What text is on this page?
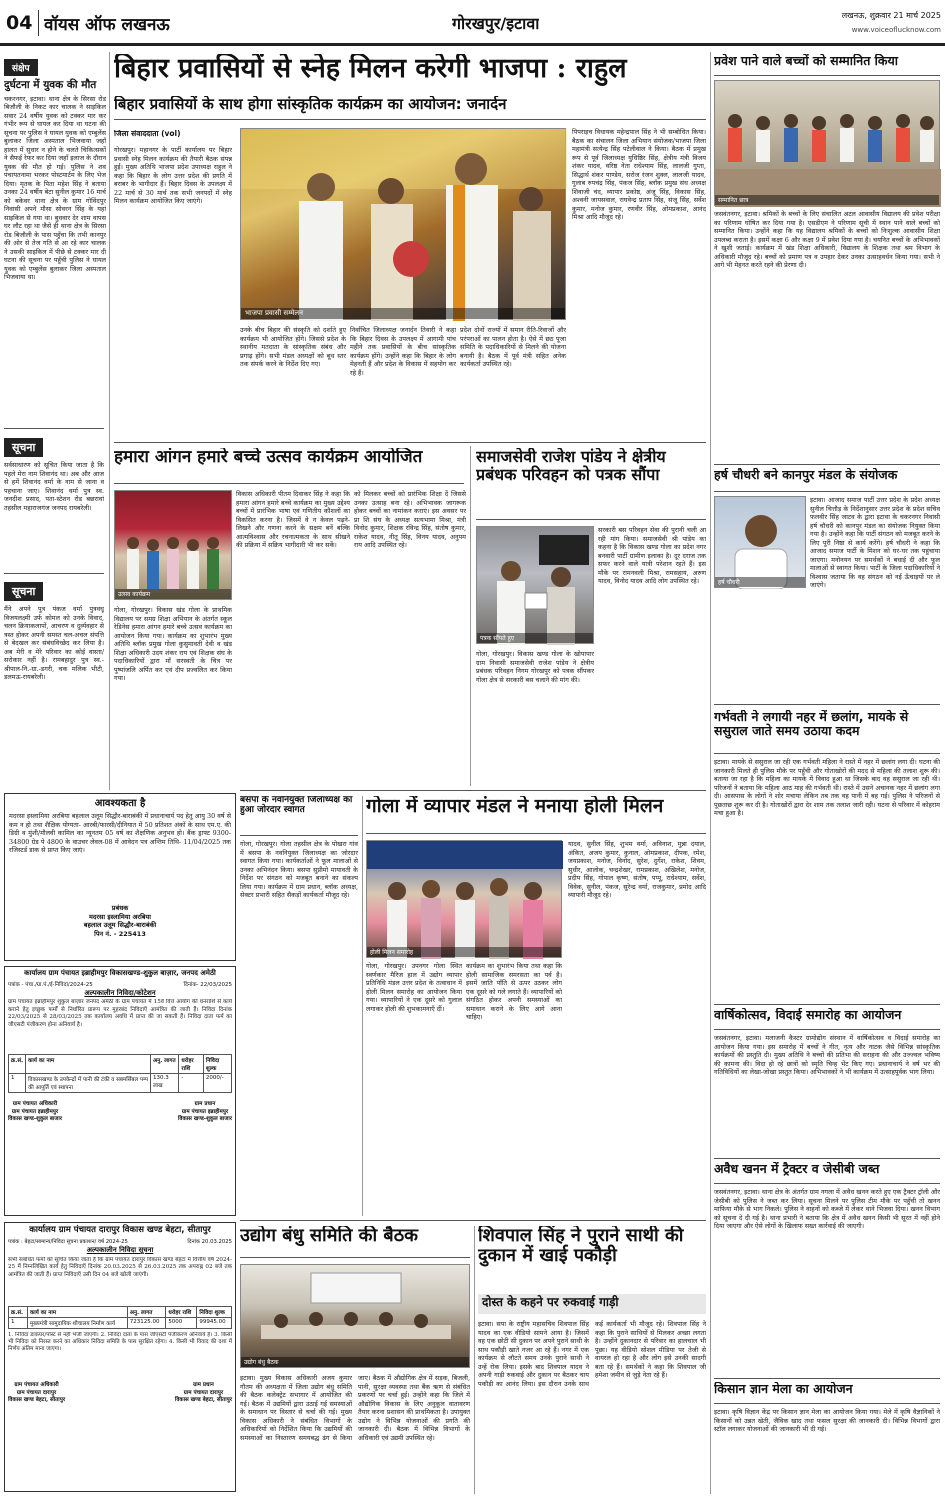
04 वॉयस ऑफ लखनऊ	गोरखपुर/इटावा	लखनऊ, शुक्रवार 21 मार्च 2025
www.voiceoflucknow.com
संक्षेप
दुर्घटना में युवक की मौत
चकरनगर, इटावा। थाना क्षेत्र के सिरसा रोड बिजौली के निकट कार चालक ने साइकिल सवार 24 वर्षीय युवक को टक्कर मार कर गंभीर रूप से घायल कर दिया था घटना की सूचना पर पुलिस ने घायल युवक को एम्बुलेंस बुलाकर जिला अस्पताल भिजवाया जहाँ हालत में सुधार न होने के चलते चिकित्सकों ने सैफई रेफर कर दिया जहाँ इलाज के दौरान युवक की मौत हो गई। पुलिस ने शव पंचायतनामा भरकर पोस्टमार्टम के लिए भेज दिया। मृतक के पिता महेश सिंह ने बताया उनका 24 वर्षीय बेटा सुनील कुमार 16 मार्च को बकेवर थाना क्षेत्र के ग्राम गोविंदपुर निवासी अपने मौसा सोवरन सिंह के यहां साइकिल से गया था। बुधवार देर शाम वापस घर लौट रहा था जैसे ही थाना क्षेत्र के सिरसा रोड बिजौली के पास पहुँचा कि तभी कानपुर की ओर से तेज गति से आ रहे कार चालक ने उसकी साइकिल में पीछे से टक्कर मार दी घटना की सूचना पर पहुँची पुलिस ने घायल युवक को एम्बुलेंस बुलाकर जिला अस्पताल भिजवाया था।
सूचना
सर्वसाधारण को सूचित किया जाता है कि पहले मेरा नाम शिवानंद था। अब और आज से हमें शिवानंद वर्मा के नाम से जाना व पहचाना जाए। शिवानंद वर्मा पुत्र स्व. जनदीश प्रसाद, पता-स्टेशन रोड बछरावां तहसील महाराजगंज जनपद रायबरेली।
सूचना
मैंने अपने पुत्र पंकज वर्मा पुत्रवधू विजयलक्ष्मी उर्फ कोमल को उनके विवाद, चलन क्रियाकलापों, आचरण व दुर्व्यवहार से त्रस्त होकर अपनी समस्त चल-अचल संपत्ति से बेदखल कर संबंधविच्छेद कर लिया है। अब मेरी व मेरे परिवार का कोई वास्ता/सरोकार नहीं है। रामबहादुर पुत्र स्व.-श्रीपाल-नि.-ग्रा.-डगरी, चक मलिक भीटी, डलमऊ-रायबरेली।
आवश्यकता है
मदरसा इस्लामिया अरबिया बहलाल उलूम सिद्धौर-बाराबंकी में प्रधानाचार्य पद हेतु आयु 30 वर्ष से कम न हो तथा शैक्षिक योग्यता- आरबी/फारसी/दीनियात में 50 प्रतिशत अंकों के साथ एम.ए. की डिग्री व मुंशी/मौलवी कामिल का न्यूनतम 05 वर्ष का शैक्षणिक अनुभव हो। बैंक ड्राफ्ट 9300-34800 ग्रेड पे 4800 के वाउचर लेवल-08 में आवेदन पत्र अन्तिम तिथि- 11/04/2025 तक रजिस्टर्ड डाक से प्राप्त किए जाएं।
प्रबंधक
मदरसा इस्लामिया अरबिया
बहलाल उलूम सिद्धौर-बाराबंकी
पिन नं. - 225413
कार्यालय ग्राम पंचायत इब्राहीमपुर विकासखण्ड-शुकुल बाज़ार, जनपद अमेठी
पत्रांक - पंचा./ग्रा.पं./ई-निविदा/2024-25	दिनांक- 22/03/2025
अल्पकालीन निविदा/कोटेशन
ग्राम पंचायत इब्राहीमपुर शुकुल बाज़ार जनपद अमेठी के ग्राम पंचायत में 15वें वित्त आयोग की धनराशि से कार्य कराने हेतु इच्छुक फर्मों से निर्धारित प्रारूप पर मुहरबंद निविदाएँ आमंत्रित की जाती हैं। निविदा दिनांक 22/03/2025 से 28/03/2025 तक कार्यालय अवधि में प्राप्त की जा सकती हैं। निविदा दाता फर्म का जीएसटी पंजीकरण होना अनिवार्य है।
क्र.सं.	कार्य का नाम	अनु. लागत	धरोहर राशि	निविदा शुल्क
1	विकासखण्ड के उपकेन्द्रों में पानी की टंकी व सबमर्सिबल पम्प की आपूर्ति एवं स्थापना	130.3 लाख	-	2000/-
ग्राम पंचायत अधिकारी
ग्राम पंचायत इब्राहीमपुर
विकास खण्ड-शुकुल बाजार
ग्राम प्रधान
ग्राम पंचायत इब्राहीमपुर
विकास खण्ड-शुकुल बाजार
कार्यालय ग्राम पंचायत दारापुर विकास खण्ड बेहटा, सीतापुर
पत्रांक : बेहटा/सामान्य/निविदा सूचना प्रकाशन/ वर्ष 2024-25	दिनांक 20.03.2025
अल्पकालीन निविदा सूचना
सभी संबंधित फर्मों को सूचित किया जाता है कि ग्राम पंचायत दारापुर विकास खण्ड बेहटा में वित्तीय वर्ष 2024-25 में निम्नलिखित कार्य हेतु निविदाएँ दिनांक 20.03.2025 से 26.03.2025 तक अपराह्न 02 बजे तक आमंत्रित की जाती हैं। प्राप्त निविदाएँ उसी दिन 04 बजे खोली जाएंगी।
क्र.सं.	कार्य का नाम	अनु. लागत	धरोहर राशि	निविदा शुल्क
1	मुख्यमंत्री सामुदायिक शौचालय निर्माण कार्य	723125.00	5000	99945.00
1. निविदा डाकघर/पोस्ट से नहीं भेजी जाएगी। 2. निविदा दाता के पास जीएसटी पंजीकरण अनिवार्य है। 3. किसी भी निविदा को निरस्त करने का अधिकार निविदा समिति के पास सुरक्षित रहेगा। 4. किसी भी विवाद की दशा में निर्णय अंतिम माना जाएगा।
ग्राम पंचायत अधिकारी
ग्राम पंचायत दारापुर
विकास खण्ड बेहटा, सीतापुर
ग्राम प्रधान
ग्राम पंचायत दारापुर
विकास खण्ड बेहटा, सीतापुर
बिहार प्रवासियों से स्नेह मिलन करेगी भाजपा : राहुल
बिहार प्रवासियों के साथ होगा सांस्कृतिक कार्यक्रम का आयोजन: जनार्दन
जिला संवाददाता (vol)
गोरखपुर। महानगर के पार्टी कार्यालय पर बिहार प्रवासी स्नेह मिलन कार्यक्रम की तैयारी बैठक संपन्न हुई। मुख्य अतिथि भाजपा प्रदेश उपाध्यक्ष राहुल ने कहा कि बिहार के लोग उत्तर प्रदेश की प्रगति में बराबर के भागीदार हैं। बिहार दिवस के उपलक्ष्य में 22 मार्च से 30 मार्च तक सभी जनपदों में स्नेह मिलन कार्यक्रम आयोजित किए जाएंगे।
भाजपा प्रवासी सम्मेलन
उनके बीच बिहार की संस्कृति को दर्शाते हुए कार्यक्रम भी आयोजित होंगे। जिससे प्रदेश के स्थानीय मतदाता के सांस्कृतिक संबंध और प्रगाढ़ होंगे। सभी मंडल अध्यक्षों को बूथ स्तर तक संपर्क करने के निर्देश दिए गए।
निर्वाचित जिलाध्यक्ष जनार्दन तिवारी ने कहा कि बिहार दिवस के उपलक्ष्य में आगामी पांच महीने तक प्रवासियों के बीच सांस्कृतिक कार्यक्रम होंगे। उन्होंने कहा कि बिहार के लोग मेहनती हैं और प्रदेश के विकास में सहयोग कर रहे हैं।
प्रदेश दोनों राज्यों में समान रीति-रिवाजों और परंपराओं का पालन होता है। ऐसे में छठ पूजा समिति के पदाधिकारियों से मिलने की योजना बनायी है। बैठक में पूर्व मंत्री सहित अनेक कार्यकर्ता उपस्थित रहे।
पिपराइच विधायक महेन्द्रपाल सिंह ने भी सम्बोधित किया। बैठक का संचालन जिला अभियान संयोजक/भाजपा जिला महामंत्री सत्येन्द्र सिंह पटेलीवाल ने किया। बैठक में प्रमुख रूप से पूर्व जिलाध्यक्ष युधिष्ठिर सिंह, क्षेत्रीय मंत्री विजय शंकर यादव, वरिष्ठ नेता राधेश्याम सिंह, लालजी गुप्ता, सिद्धार्थ शंकर पाण्डेय, सरोज रंजन शुक्ल, लालजी यादव, गुलाब रुपचंद्र सिंह, पंकज सिंह, ब्लॉक प्रमुख संध अध्यक्ष शिवाजी चंद, व्यापार प्रकोष्ठ, अंजू सिंह, विकास सिंह, अश्वनी जायसवाल, राघवेन्द्र प्रताप सिंह, संजू सिंह, सर्वेश कुमार, मनोज कुमार, रणवीर सिंह, ओमप्रकाश, आनंद मिश्रा आदि मौजूद रहे।
हमारा आंगन हमारे बच्चे उत्सव कार्यक्रम आयोजित
उत्सव कार्यक्रम
गोला, गोरखपुर। विकास खंड गोला के प्राथमिक विद्यालय पर समग्र शिक्षा अभियान के अंतर्गत स्कूल रेडिनेस हमारा आंगन हमारे बच्चे उत्सव कार्यक्रम का आयोजन किया गया। कार्यक्रम का शुभारंभ मुख्य अतिथि ब्लॉक प्रमुख गोला कुसुमावती देवी व खंड शिक्षा अधिकारी उदय शंकर राय एवं शिक्षक संघ के पदाधिकारियों द्वारा माँ सरस्वती के चित्र पर पुष्पांजलि अर्पित कर एवं दीप प्रज्वलित कर किया गया।
विकास अधिकारी पीतम दिवाकर सिंह ने कहा कि हमारा आंगन हमारे बच्चे कार्यक्रम का मुख्य उद्देश्य बच्चों में प्रारंभिक भाषा एवं गणितीय कौशलों का विकसित करना है। जिसमें वे न केवल पढ़ने-लिखने और गणना करने के सक्षम बनें बल्कि आत्मविश्वास और रचनात्मकता के साथ सीखने की प्रक्रिया में सक्रिय भागीदारी भी कर सकें।
को मिलकर बच्चों को प्रारंभिक शिक्षा दें जिससे उनका उत्साह बना रहे। अभिभावक जागरूक होकर बच्चों का नामांकन कराएं। इस अवसर पर प्रा शि संघ के अध्यक्ष सत्यभामा मिश्रा, मंत्री विनोद कुमार, शिक्षक रविन्द्र सिंह, संतोष कुमार, राकेश यादव, नीतू सिंह, विनय यादव, अनुपम राय आदि उपस्थित रहे।
समाजसेवी राजेश पांडेय ने क्षेत्रीय प्रबंधक परिवहन को पत्रक सौंपा
पत्रक सौंपते हुए
गोला, गोरखपुर। विकास खण्ड गोला के खोपापार ग्राम निवासी समाजसेवी राजेश पांडेय ने क्षेत्रीय प्रबंधक परिवहन निगम गोरखपुर को पत्रक सौंपकर गोला क्षेत्र से सरकारी बस चलाने की मांग की।
सरकारी बस परिवहन सेवा की पुरानी चली आ रही मांग किया। समाजसेवी श्री पांडेय का कहना है कि विकास खण्ड गोला का प्रदेश नगर बनवारी पार्टी ग्रामीण इलाका है। दूर दराज तक सफर करने वाले यात्री परेशान रहते हैं। इस मौके पर रामनवली मिश्रा, रामसहाय, अरुण यादव, विनोद यादव आदि लोग उपस्थित रहे।
बसपा के नवनियुक्त जिलाध्यक्ष का हुआ जोरदार स्वागत
गोला, गोरखपुर। गोला तहसील क्षेत्र के पोखरा गांव में बसपा के नवनियुक्त जिलाध्यक्ष का जोरदार स्वागत किया गया। कार्यकर्ताओं ने फूल मालाओं से उनका अभिनंदन किया। बसपा सुप्रीमो मायावती के निर्देश पर संगठन को मजबूत बनाने का संकल्प लिया गया। कार्यक्रम में ग्राम प्रधान, ब्लॉक अध्यक्ष, सेक्टर प्रभारी सहित सैकड़ों कार्यकर्ता मौजूद रहे।
गोला में व्यापार मंडल ने मनाया होली मिलन
होली मिलन समारोह
गोला, गोरखपुर। उपनगर गोला स्थित स्वर्णकार मैरिज हाल में उद्योग व्यापार प्रतिनिधि मंडल उत्तर प्रदेश के तत्वाधान में होली मिलन समारोह का आयोजन किया गया। व्यापारियों ने एक दूसरे को गुलाल लगाकर होली की शुभकामनाएँ दीं।
कार्यक्रम का शुभारंभ किया तथा कहा कि होली सामाजिक समरसता का पर्व है। इसमें जाति पाँति से ऊपर उठकर लोग एक दूसरे को गले लगाते हैं। व्यापारियों को संगठित होकर अपनी समस्याओं का समाधान कराने के लिए आगे आना चाहिए।
यादव, सुनील सिंह, शुभम वर्मा, अविनाश, मुन्ना दयाल, अंकित, अजय कुमार, कुनाल, ओमप्रकाश, दीपक, रमेश, जयप्रकाश, मनोज, विनोद, सुरेश, दुर्गेश, राकेश, शिवम, सुधीर, आलोक, चन्द्रशेखर, रामप्रकाश, अखिलेश, मनोज, प्रदीप सिंह, गोपाल कृष्ण, संतोष, पप्पू, राधेश्याम, सर्वेश, विवेक, सुनील, पंकज, सुरेन्द्र वर्मा, राजकुमार, प्रमोद आदि व्यापारी मौजूद रहे।
उद्योग बंधु समिति की बैठक
उद्योग बंधु बैठक
इटावा। मुख्य विकास अधिकारी अजय कुमार गौतम की अध्यक्षता में जिला उद्योग बंधु समिति की बैठक कलेक्ट्रेट सभागार में आयोजित की गई। बैठक में उद्यमियों द्वारा उठाई गई समस्याओं के समाधान पर विस्तार से चर्चा की गई। मुख्य विकास अधिकारी ने संबंधित विभागों के अधिकारियों को निर्देशित किया कि उद्यमियों की समस्याओं का निस्तारण समयबद्ध ढंग से किया जाए। बैठक में औद्योगिक क्षेत्र में सड़क, बिजली, पानी, सुरक्षा व्यवस्था तथा बैंक ऋण से संबंधित प्रकरणों पर चर्चा हुई। उन्होंने कहा कि जिले में औद्योगिक विकास के लिए अनुकूल वातावरण तैयार करना प्रशासन की प्राथमिकता है। उपायुक्त उद्योग ने विभिन्न योजनाओं की प्रगति की जानकारी दी। बैठक में विभिन्न विभागों के अधिकारी एवं उद्यमी उपस्थित रहे।
शिवपाल सिंह ने पुराने साथी की दुकान में खाई पकौड़ी
दोस्त के कहने पर रुकवाई गाड़ी
इटावा। सपा के राष्ट्रीय महासचिव शिवपाल सिंह यादव का एक वीडियो सामने आया है। जिसमें वह एक छोटी सी दुकान पर अपने पुराने साथी के साथ पकौड़ी खाते नजर आ रहे हैं। नगर में एक कार्यक्रम से लौटते समय उनके पुराने साथी ने उन्हें रोक लिया। इसके बाद शिवपाल यादव ने अपनी गाड़ी रुकवाई और दुकान पर बैठकर चाय पकौड़ी का आनंद लिया। इस दौरान उनके साथ कई कार्यकर्ता भी मौजूद रहे। शिवपाल सिंह ने कहा कि पुराने साथियों से मिलकर अच्छा लगता है। उन्होंने दुकानदार से परिवार का हालचाल भी पूछा। यह वीडियो सोशल मीडिया पर तेजी से वायरल हो रहा है और लोग इसे उनकी सादगी बता रहे हैं। समर्थकों ने कहा कि शिवपाल जी हमेशा जमीन से जुड़े नेता रहे हैं।
प्रवेश पाने वाले बच्चों को सम्मानित किया
सम्मानित छात्र
जसवंतनगर, इटावा। श्रमिकों के बच्चों के लिए संचालित अटल आवासीय विद्यालय की प्रवेश परीक्षा का परिणाम घोषित कर दिया गया है। एसडीएम ने परिणाम सूची में स्थान पाने वाले बच्चों को सम्मानित किया। उन्होंने कहा कि यह विद्यालय श्रमिकों के बच्चों को निःशुल्क आवासीय शिक्षा उपलब्ध कराता है। इसमें कक्षा 6 और कक्षा 9 में प्रवेश दिया गया है। चयनित बच्चों के अभिभावकों ने खुशी जताई। कार्यक्रम में खंड शिक्षा अधिकारी, विद्यालय के शिक्षक तथा श्रम विभाग के अधिकारी मौजूद रहे। बच्चों को प्रमाण पत्र व उपहार देकर उनका उत्साहवर्धन किया गया। सभी ने आगे भी मेहनत करते रहने की प्रेरणा दी।
हर्ष चौधरी बने कानपुर मंडल के संयोजक
हर्ष चौधरी
इटावा। आजाद समाज पार्टी उत्तर प्रदेश के प्रदेश अध्यक्ष सुनील चित्तौड़ के निर्देशानुसार उत्तर प्रदेश के प्रदेश सचिव फलवीर सिंह जाटव के द्वारा इटावा के चकरनगर निवासी हर्ष चौधरी को कानपुर मंडल का संयोजक नियुक्त किया गया है। उन्होंने कहा कि पार्टी संगठन को मजबूत करने के लिए पूरी निष्ठा से कार्य करेंगे। हर्ष चौधरी ने कहा कि आजाद समाज पार्टी के मिशन को घर-घर तक पहुंचाया जाएगा। मनोनयन पर समर्थकों ने बधाई दी और फूल मालाओं से स्वागत किया। पार्टी के जिला पदाधिकारियों ने विश्वास जताया कि वह संगठन को नई ऊँचाइयों पर ले जाएंगे।
गर्भवती ने लगायी नहर में छलांग, मायके से ससुराल जाते समय उठाया कदम
इटावा। मायके से ससुराल जा रही एक गर्भवती महिला ने रास्ते में नहर में छलांग लगा दी। घटना की जानकारी मिलते ही पुलिस मौके पर पहुँची और गोताखोरों की मदद से महिला की तलाश शुरू की। बताया जा रहा है कि महिला का मायके में विवाद हुआ था जिसके बाद वह ससुराल जा रही थी। परिजनों ने बताया कि महिला आठ माह की गर्भवती थी। रास्ते में उसने अचानक नहर में छलांग लगा दी। आसपास के लोगों ने शोर मचाया लेकिन तब तक वह पानी में बह गई। पुलिस ने परिजनों से पूछताछ शुरू कर दी है। गोताखोरों द्वारा देर शाम तक तलाश जारी रही। घटना से परिवार में कोहराम मचा हुआ है।
वार्षिकोत्सव, विदाई समारोह का आयोजन
जसवंतनगर, इटावा। मलाजनी कैस्टर ग्रामोद्योग संस्थान में वार्षिकोत्सव व विदाई समारोह का आयोजन किया गया। इस समारोह में बच्चों ने गीत, नृत्य और नाटक जैसे विभिन्न सांस्कृतिक कार्यक्रमों की प्रस्तुति दी। मुख्य अतिथि ने बच्चों की प्रतिभा की सराहना की और उज्ज्वल भविष्य की कामना की। विदा हो रहे छात्रों को स्मृति चिन्ह भेंट किए गए। प्रधानाचार्य ने वर्ष भर की गतिविधियों का लेखा-जोखा प्रस्तुत किया। अभिभावकों ने भी कार्यक्रम में उत्साहपूर्वक भाग लिया।
अवैध खनन में ट्रैक्टर व जेसीबी जब्त
जसवंतनगर, इटावा। थाना क्षेत्र के अंतर्गत ग्राम नगला में अवैध खनन करते हुए एक ट्रैक्टर ट्रॉली और जेसीबी को पुलिस ने जब्त कर लिया। सूचना मिलने पर पुलिस टीम मौके पर पहुँची तो खनन माफिया मौके से भाग निकले। पुलिस ने वाहनों को कब्जे में लेकर थाने भिजवा दिया। खनन विभाग को सूचना दे दी गई है। थाना प्रभारी ने बताया कि क्षेत्र में अवैध खनन किसी भी सूरत में नहीं होने दिया जाएगा और ऐसे लोगों के खिलाफ सख्त कार्रवाई की जाएगी।
किसान ज्ञान मेला का आयोजन
इटावा। कृषि विज्ञान केंद्र पर किसान ज्ञान मेला का आयोजन किया गया। मेले में कृषि वैज्ञानिकों ने किसानों को उन्नत खेती, जैविक खाद तथा फसल सुरक्षा की जानकारी दी। विभिन्न विभागों द्वारा स्टॉल लगाकर योजनाओं की जानकारी भी दी गई।
